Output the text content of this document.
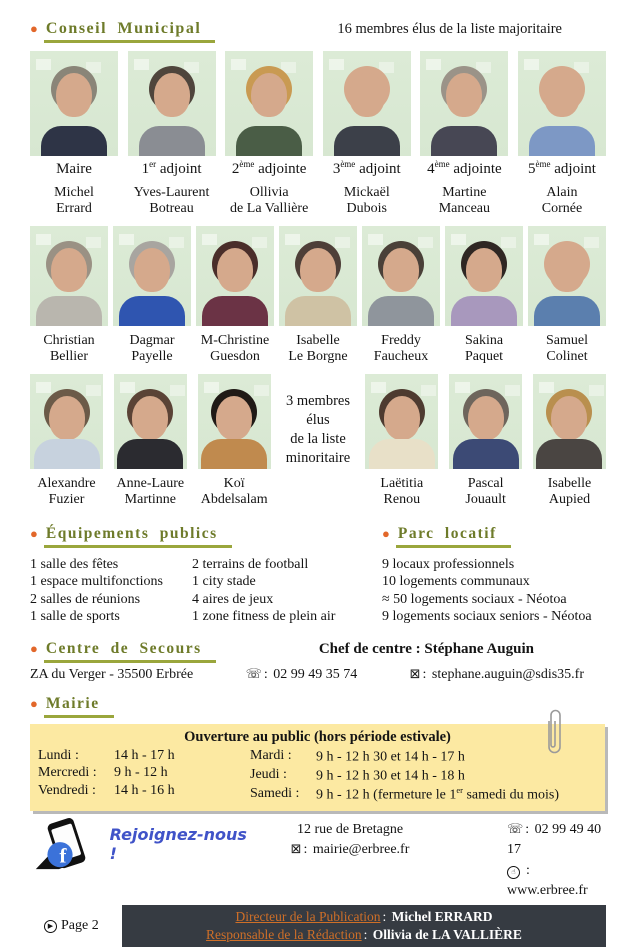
● Conseil Municipal	16 membres élus de la liste majoritaire
Maire
Michel
Errard
1er adjoint
Yves-Laurent
Botreau
2ème adjointe
Ollivia
de La Vallière
3ème adjoint
Mickaël
Dubois
4ème adjointe
Martine
Manceau
5ème adjoint
Alain
Cornée
Christian
Bellier
Dagmar
Payelle
M-Christine
Guesdon
Isabelle
Le Borgne
Freddy
Faucheux
Sakina
Paquet
Samuel
Colinet
Alexandre
Fuzier
Anne-Laure
Martinne
Koï
Abdelsalam
3 membres
élus
de la liste
minoritaire
Laëtitia
Renou
Pascal
Jouault
Isabelle
Aupied
● Équipements publics
1 salle des fêtes
1 espace multifonctions
2 salles de réunions
1 salle de sports
2 terrains de football
1 city stade
4 aires de jeux
1 zone fitness de plein air
● Parc locatif
9 locaux professionnels
10 logements communaux
≈ 50 logements sociaux - Néotoa
9 logements sociaux seniors - Néotoa
● Centre de Secours	Chef de centre : Stéphane Auguin
ZA du Verger - 35500 Erbrée	☏ : 02 99 49 35 74	⊠ : stephane.auguin@sdis35.fr
● Mairie
Ouverture au public (hors période estivale)
Lundi :	14 h - 17 h
Mercredi :	9 h - 12 h
Vendredi :	14 h - 16 h
Mardi :	9 h - 12 h 30 et 14 h - 17 h
Jeudi :	9 h - 12 h 30 et 14 h - 18 h
Samedi :	9 h - 12 h (fermeture le 1er samedi du mois)
f
Rejoignez-nous !
12 rue de Bretagne
⊠ : mairie@erbree.fr
☏ : 02 99 49 40 17
☝ : www.erbree.fr
▶ Page 2
Directeur de la Publication : Michel ERRARD
Responsable de la Rédaction : Ollivia de LA VALLIÈRE
